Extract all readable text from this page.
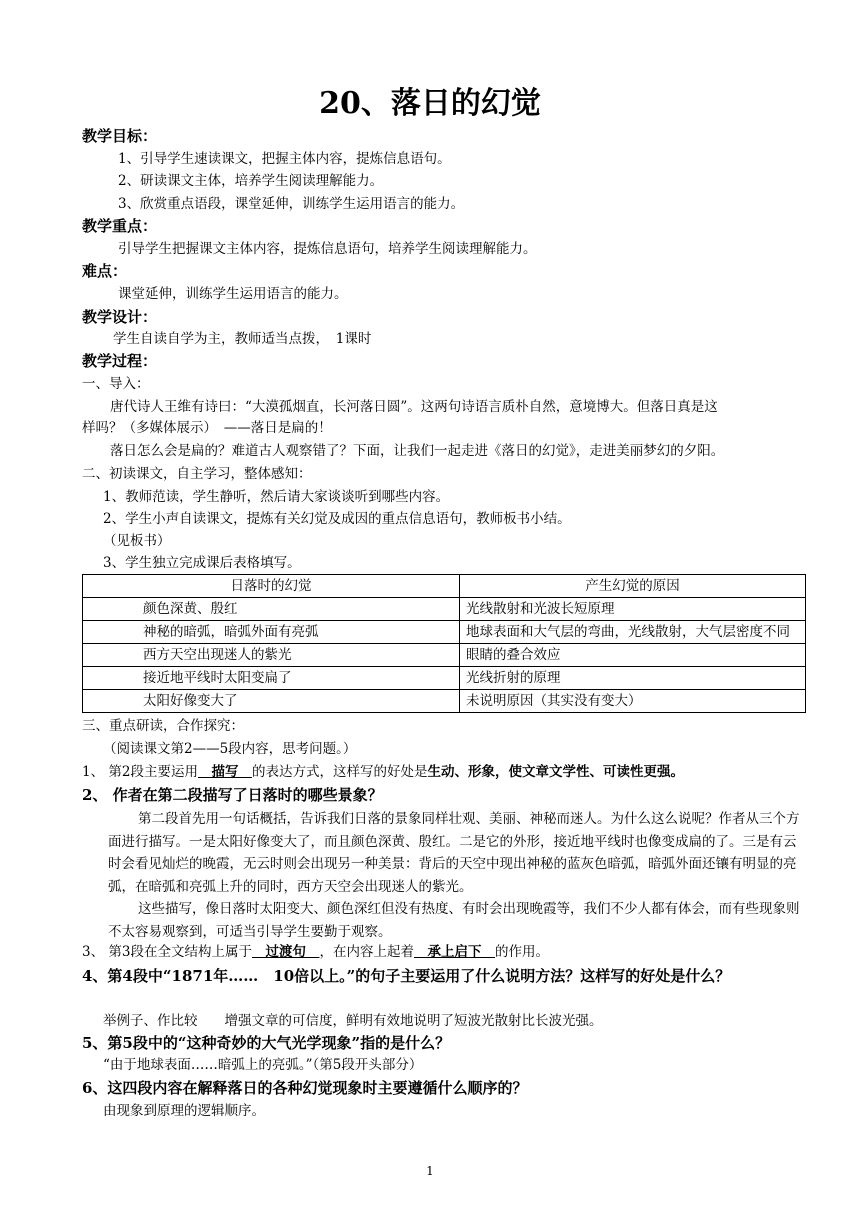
20、落日的幻觉
教学目标：
1、引导学生速读课文，把握主体内容，提炼信息语句。
2、研读课文主体，培养学生阅读理解能力。
3、欣赏重点语段，课堂延伸，训练学生运用语言的能力。
教学重点：
引导学生把握课文主体内容，提炼信息语句，培养学生阅读理解能力。
难点：
课堂延伸，训练学生运用语言的能力。
教学设计：
学生自读自学为主，教师适当点拨，　1课时
教学过程：
一、导入：
唐代诗人王维有诗曰：“大漠孤烟直，长河落日圆”。这两句诗语言质朴自然，意境博大。但落日真是这
样吗？（多媒体展示）　——落日是扁的！
落日怎么会是扁的？难道古人观察错了？下面，让我们一起走进《落日的幻觉》，走进美丽梦幻的夕阳。
二、初读课文，自主学习，整体感知：
1、教师范读，学生静听，然后请大家谈谈听到哪些内容。
2、学生小声自读课文，提炼有关幻觉及成因的重点信息语句，教师板书小结。
（见板书）
3、学生独立完成课后表格填写。
日落时的幻觉	产生幻觉的原因
颜色深黄、殷红	光线散射和光波长短原理
神秘的暗弧，暗弧外面有亮弧	地球表面和大气层的弯曲，光线散射，大气层密度不同
西方天空出现迷人的紫光	眼睛的叠合效应
接近地平线时太阳变扁了	光线折射的原理
太阳好像变大了	未说明原因（其实没有变大）
三、重点研读，合作探究：
（阅读课文第2——5段内容，思考问题。）
1、 第2段主要运用　描写　的表达方式，这样写的好处是生动、形象，使文章文学性、可读性更强。
2、 作者在第二段描写了日落时的哪些景象？
第二段首先用一句话概括，告诉我们日落的景象同样壮观、美丽、神秘而迷人。为什么这么说呢？作者从三个方面进行描写。一是太阳好像变大了，而且颜色深黄、殷红。二是它的外形，接近地平线时也像变成扁的了。三是有云时会看见灿烂的晚霞，无云时则会出现另一种美景：背后的天空中现出神秘的蓝灰色暗弧，暗弧外面还镶有明显的亮弧，在暗弧和亮弧上升的同时，西方天空会出现迷人的紫光。
这些描写，像日落时太阳变大、颜色深红但没有热度、有时会出现晚霞等，我们不少人都有体会，而有些现象则不太容易观察到，可适当引导学生要勤于观察。
3、 第3段在全文结构上属于　过渡句　，在内容上起着　承上启下　的作用。
4、第4段中“1871年……　10倍以上。”的句子主要运用了什么说明方法？这样写的好处是什么？
举例子、作比较　　增强文章的可信度，鲜明有效地说明了短波光散射比长波光强。
5、第5段中的“这种奇妙的大气光学现象”指的是什么？
“由于地球表面……暗弧上的亮弧。”（第5段开头部分）
6、这四段内容在解释落日的各种幻觉现象时主要遵循什么顺序的？
由现象到原理的逻辑顺序。
1
